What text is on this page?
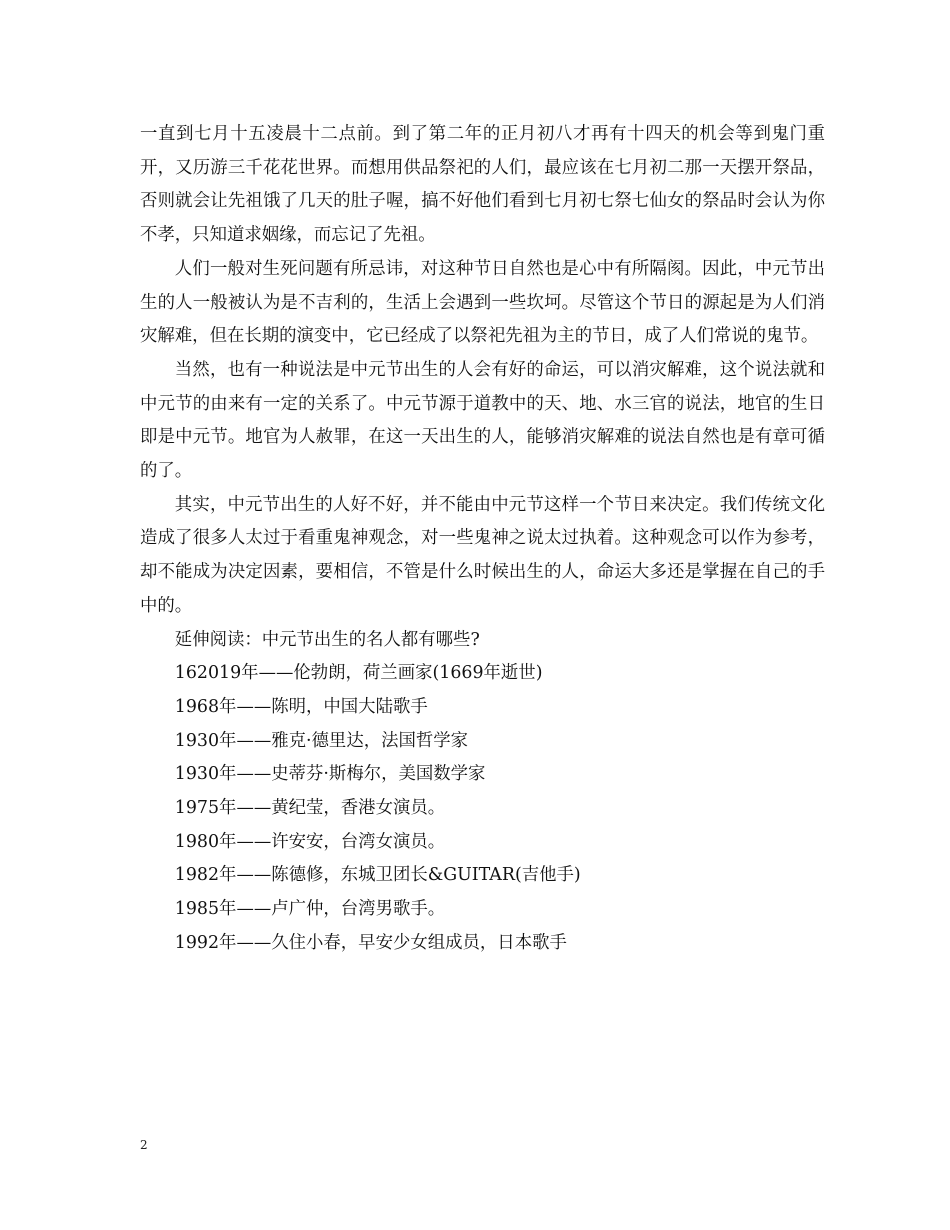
一直到七月十五凌晨十二点前。到了第二年的正月初八才再有十四天的机会等到鬼门重开，又历游三千花花世界。而想用供品祭祀的人们，最应该在七月初二那一天摆开祭品，否则就会让先祖饿了几天的肚子喔，搞不好他们看到七月初七祭七仙女的祭品时会认为你不孝，只知道求姻缘，而忘记了先祖。

人们一般对生死问题有所忌讳，对这种节日自然也是心中有所隔阂。因此，中元节出生的人一般被认为是不吉利的，生活上会遇到一些坎坷。尽管这个节日的源起是为人们消灾解难，但在长期的演变中，它已经成了以祭祀先祖为主的节日，成了人们常说的鬼节。

当然，也有一种说法是中元节出生的人会有好的命运，可以消灾解难，这个说法就和中元节的由来有一定的关系了。中元节源于道教中的天、地、水三官的说法，地官的生日即是中元节。地官为人赦罪，在这一天出生的人，能够消灾解难的说法自然也是有章可循的了。

其实，中元节出生的人好不好，并不能由中元节这样一个节日来决定。我们传统文化造成了很多人太过于看重鬼神观念，对一些鬼神之说太过执着。这种观念可以作为参考，却不能成为决定因素，要相信，不管是什么时候出生的人，命运大多还是掌握在自己的手中的。

延伸阅读：中元节出生的名人都有哪些?
162019年——伦勃朗，荷兰画家(1669年逝世)
1968年——陈明，中国大陆歌手
1930年——雅克·德里达，法国哲学家
1930年——史蒂芬·斯梅尔，美国数学家
1975年——黄纪莹，香港女演员。
1980年——许安安，台湾女演员。
1982年——陈德修，东城卫团长&GUITAR(吉他手)
1985年——卢广仲，台湾男歌手。
1992年——久住小春，早安少女组成员，日本歌手
2
